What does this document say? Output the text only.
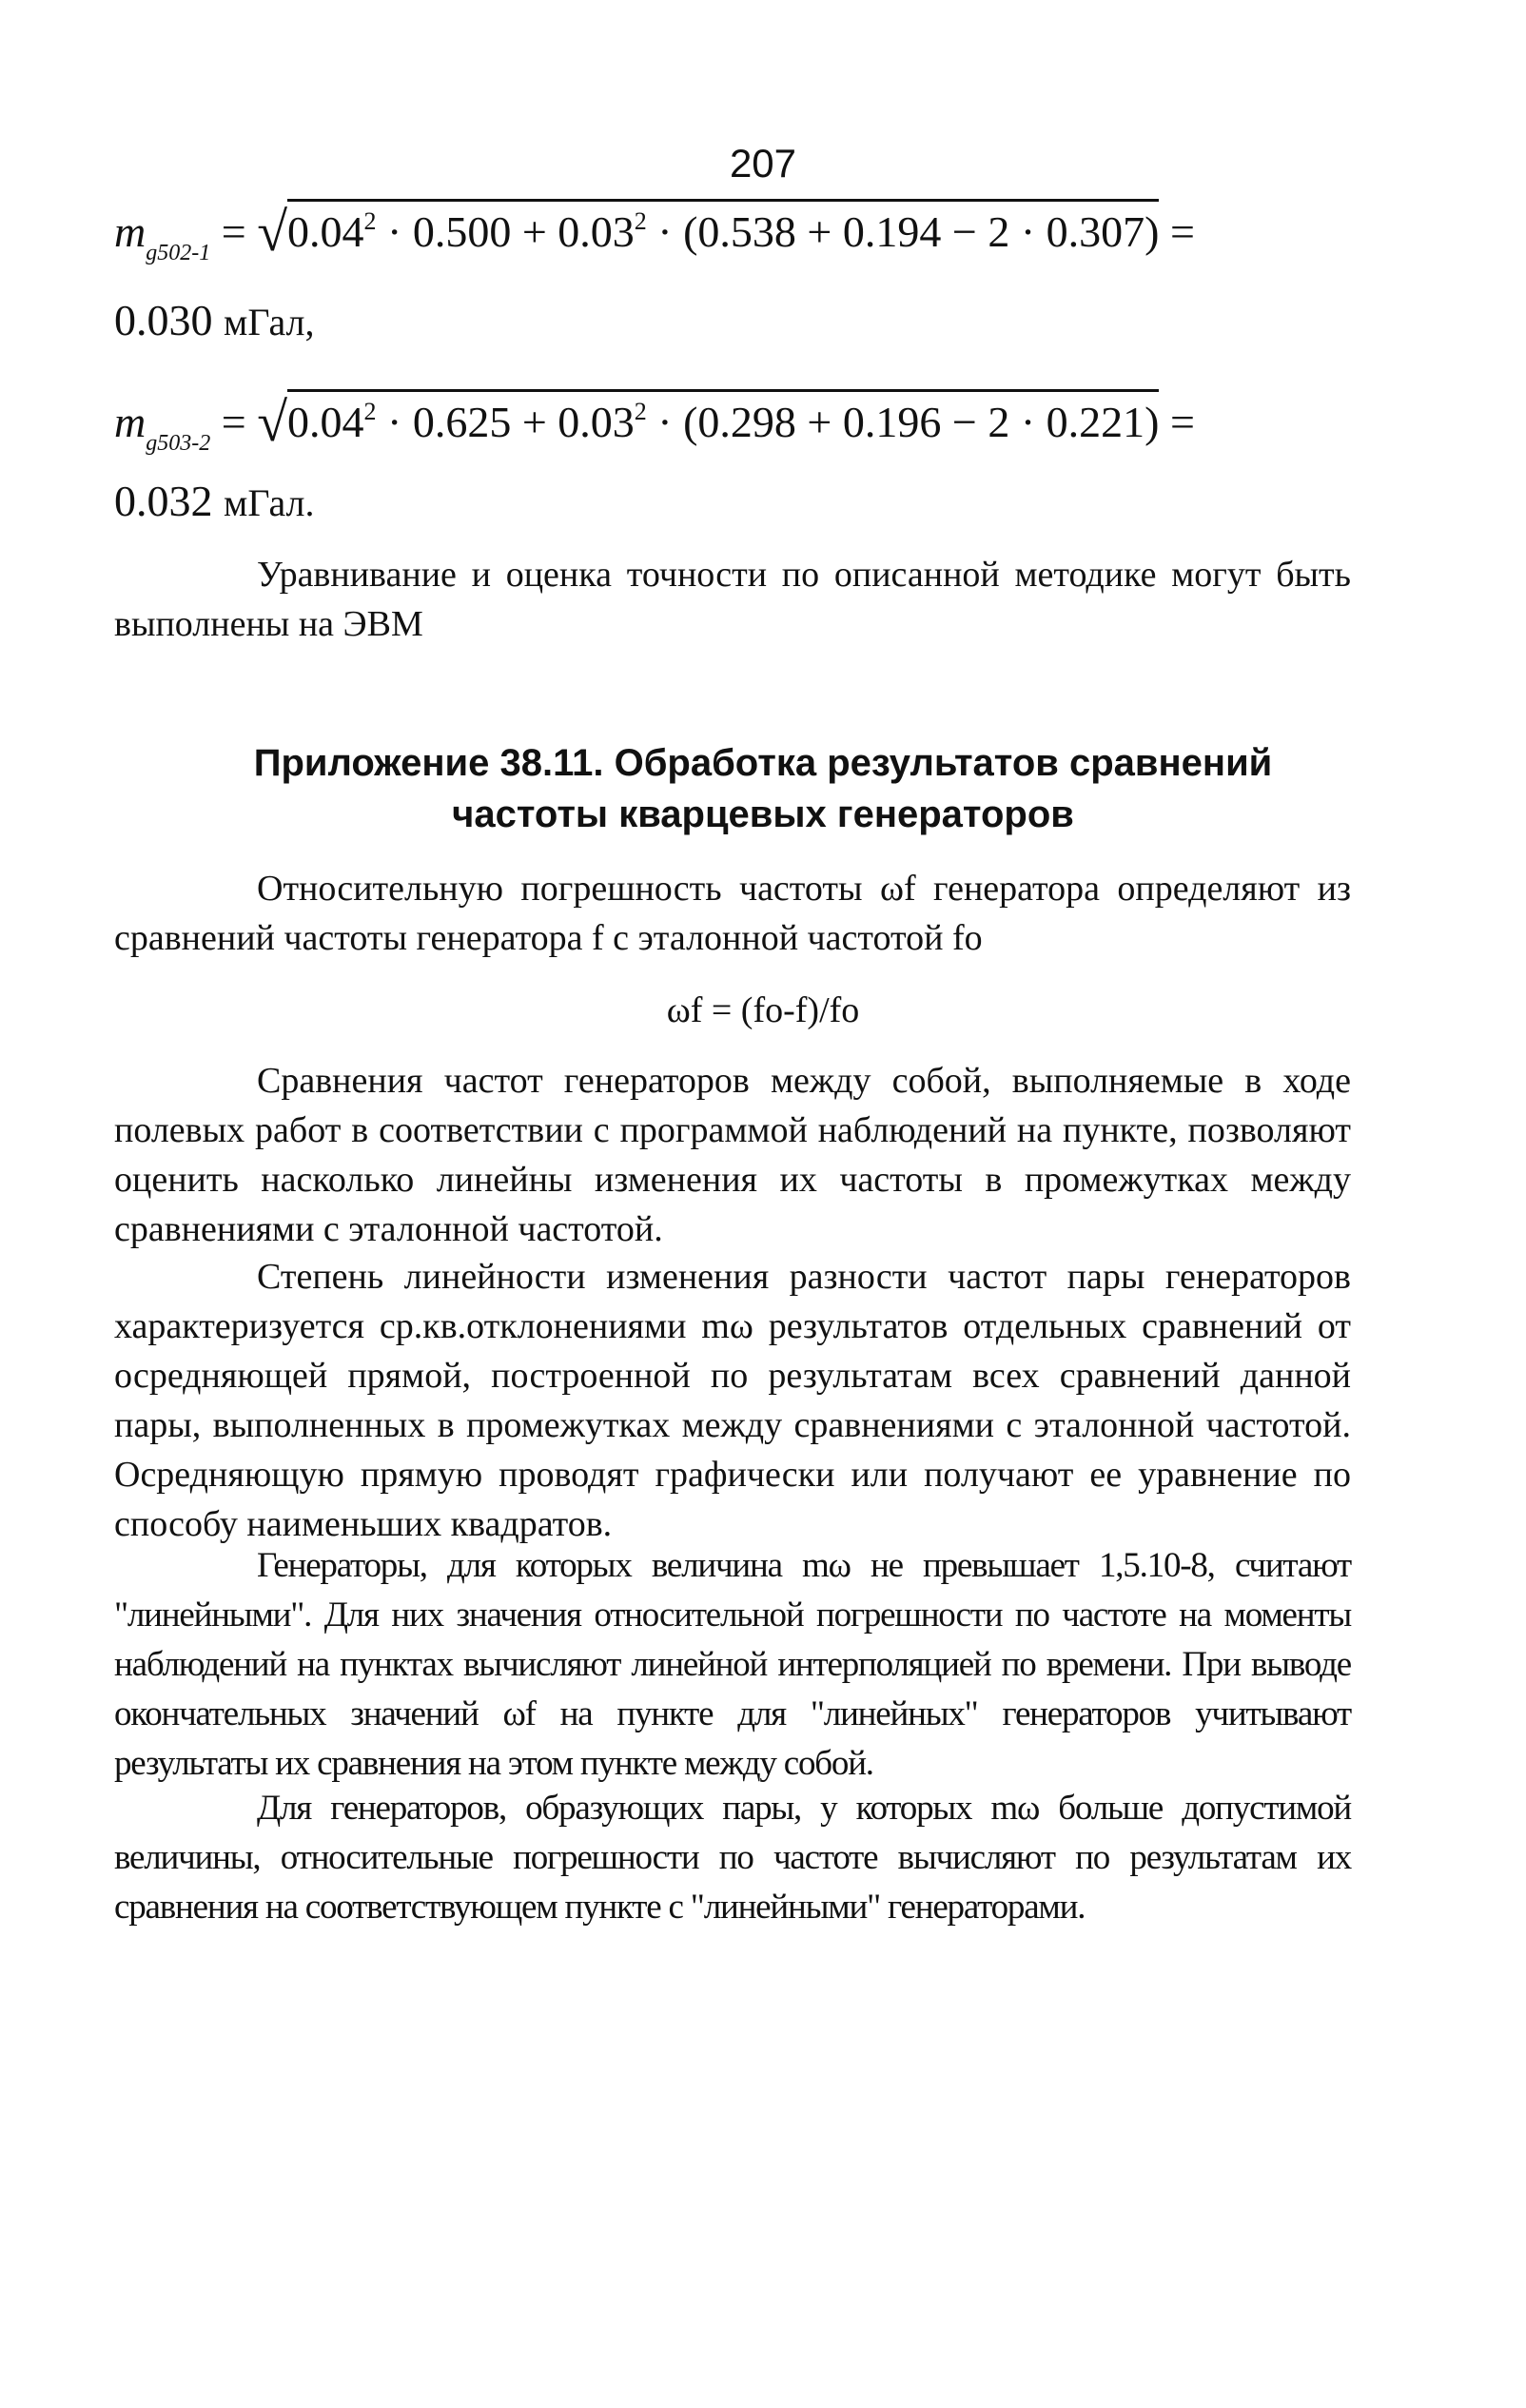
207
$m_{g502-1} = √0.04^2 \cdot 0.500 + 0.03^2 \cdot (0.538 + 0.194 - 2 \cdot 0.307)$ =
0.030 мГал,
$m_{g503-2} = √0.04^2 \cdot 0.625 + 0.03^2 \cdot (0.298 + 0.196 - 2 \cdot 0.221)$ =
0.032 мГал.
Уравнивание и оценка точности по описанной методике могут быть выполнены на ЭВМ
Приложение 38.11. Обработка результатов сравнений
частоты кварцевых генераторов
Относительную погрешность частоты ωf генератора определяют из сравнений частоты генератора f с эталонной частотой fo
ωf = (fo-f)/fo
Сравнения частот генераторов между собой, выполняемые в ходе полевых работ в соответствии с программой наблюдений на пункте, позволяют оценить насколько линейны изменения их частоты в промежутках между сравнениями с эталонной частотой.
Степень линейности изменения разности частот пары генераторов характеризуется ср.кв.отклонениями mω результатов отдельных сравнений от осредняющей прямой, построенной по результатам всех сравнений данной пары, выполненных в промежутках между сравнениями с эталонной частотой. Осредняющую прямую проводят графически или получают ее уравнение по способу наименьших квадратов.
Генераторы, для которых величина mω не превышает 1,5.10-8, считают "линейными". Для них значения относительной погрешности по частоте на моменты наблюдений на пунктах вычисляют линейной интерполяцией по времени. При выводе окончательных значений ωf на пункте для "линейных" генераторов учитывают результаты их сравнения на этом пункте между собой.
Для генераторов, образующих пары, у которых mω больше допустимой величины, относительные погрешности по частоте вычисляют по результатам их сравнения на соответствующем пункте с "линейными" генераторами.
